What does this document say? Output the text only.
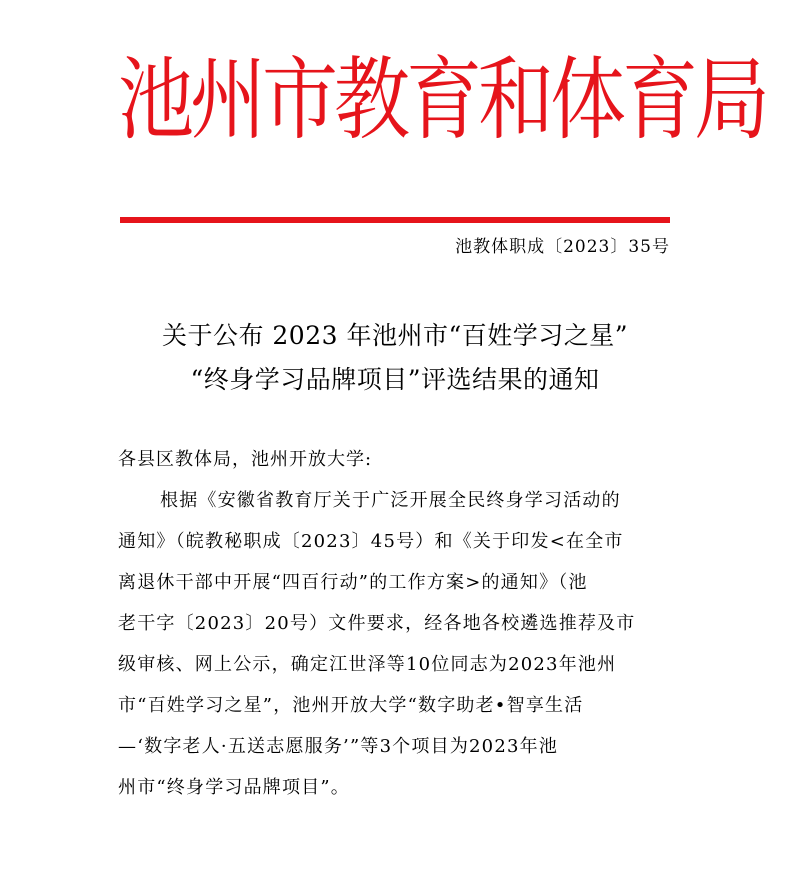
池州市教育和体育局
池教体职成〔2023〕35号
关于公布 2023 年池州市“百姓学习之星”
“终身学习品牌项目”评选结果的通知
各县区教体局，池州开放大学:
根据《安徽省教育厅关于广泛开展全民终身学习活动的
通知》（皖教秘职成〔2023〕45号）和《关于印发<在全市
离退休干部中开展“四百行动”的工作方案>的通知》（池
老干字〔2023〕20号）文件要求，经各地各校遴选推荐及市
级审核、网上公示，确定江世泽等10位同志为2023年池州
市“百姓学习之星”，池州开放大学“数字助老•智享生活
—‘数字老人·五送志愿服务’”等3个项目为2023年池
州市“终身学习品牌项目”。
